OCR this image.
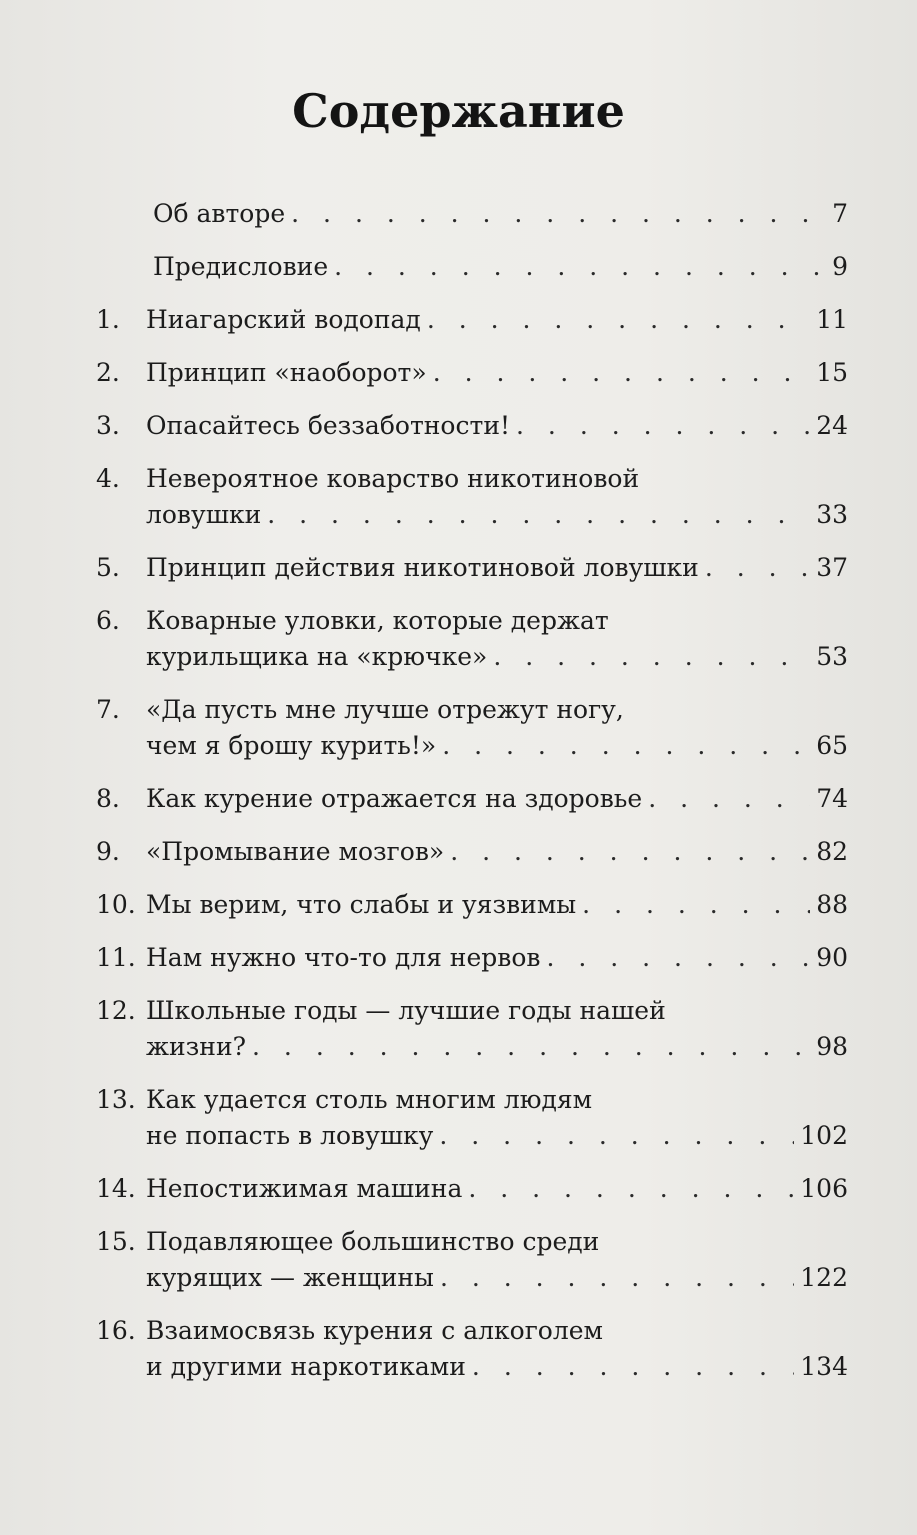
Содержание
Об авторе . . .	7
Предисловие . . .	9
1.	Ниагарский водопад . . .	11
2.	Принцип «наоборот» . . .	15
3.	Опасайтесь беззаботности! . . .	24
4.	Невероятное коварство никотиновой
ловушки . . .	33
5.	Принцип действия никотиновой ловушки . . .	37
6.	Коварные уловки, которые держат
курильщика на «крючке» . . .	53
7.	«Да пусть мне лучше отрежут ногу,
чем я брошу курить!» . . .	65
8.	Как курение отражается на здоровье . . .	74
9.	«Промывание мозгов» . . .	82
10. Мы верим, что слабы и уязвимы . . .	88
11. Нам нужно что-то для нервов . . .	90
12. Школьные годы — лучшие годы нашей
жизни? . . .	98
13. Как удается столь многим людям
не попасть в ловушку . . .	102
14. Непостижимая машина . . .	106
15. Подавляющее большинство среди
курящих — женщины . . .	122
16. Взаимосвязь курения с алкоголем
и другими наркотиками . . .	134
